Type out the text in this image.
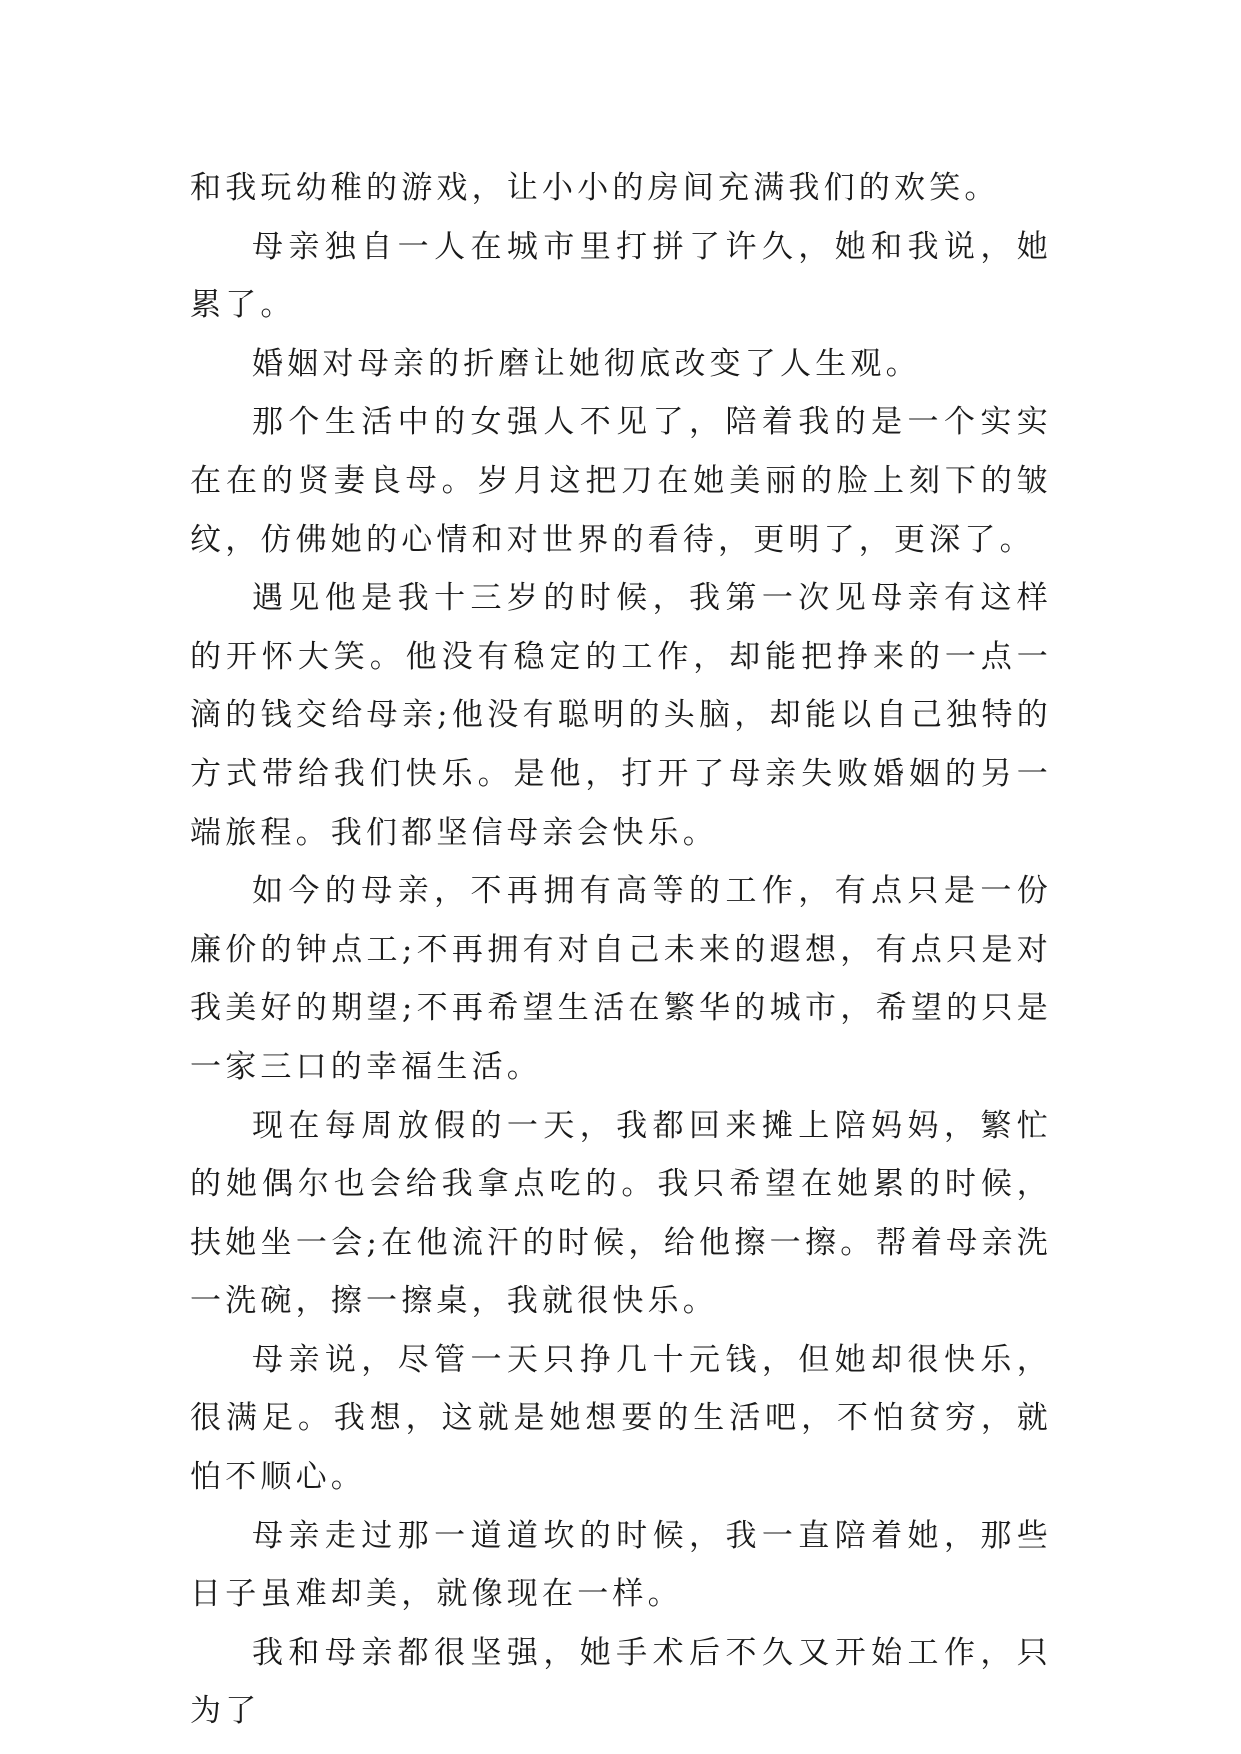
和我玩幼稚的游戏，让小小的房间充满我们的欢笑。

母亲独自一人在城市里打拼了许久，她和我说，她累了。

婚姻对母亲的折磨让她彻底改变了人生观。

那个生活中的女强人不见了，陪着我的是一个实实在在的贤妻良母。岁月这把刀在她美丽的脸上刻下的皱纹，仿佛她的心情和对世界的看待，更明了，更深了。

遇见他是我十三岁的时候，我第一次见母亲有这样的开怀大笑。他没有稳定的工作，却能把挣来的一点一滴的钱交给母亲;他没有聪明的头脑，却能以自己独特的方式带给我们快乐。是他，打开了母亲失败婚姻的另一端旅程。我们都坚信母亲会快乐。

如今的母亲，不再拥有高等的工作，有点只是一份廉价的钟点工;不再拥有对自己未来的遐想，有点只是对我美好的期望;不再希望生活在繁华的城市，希望的只是一家三口的幸福生活。

现在每周放假的一天，我都回来摊上陪妈妈，繁忙的她偶尔也会给我拿点吃的。我只希望在她累的时候，扶她坐一会;在他流汗的时候，给他擦一擦。帮着母亲洗一洗碗，擦一擦桌，我就很快乐。

母亲说，尽管一天只挣几十元钱，但她却很快乐，很满足。我想，这就是她想要的生活吧，不怕贫穷，就怕不顺心。

母亲走过那一道道坎的时候，我一直陪着她，那些日子虽难却美，就像现在一样。

我和母亲都很坚强，她手术后不久又开始工作，只为了
